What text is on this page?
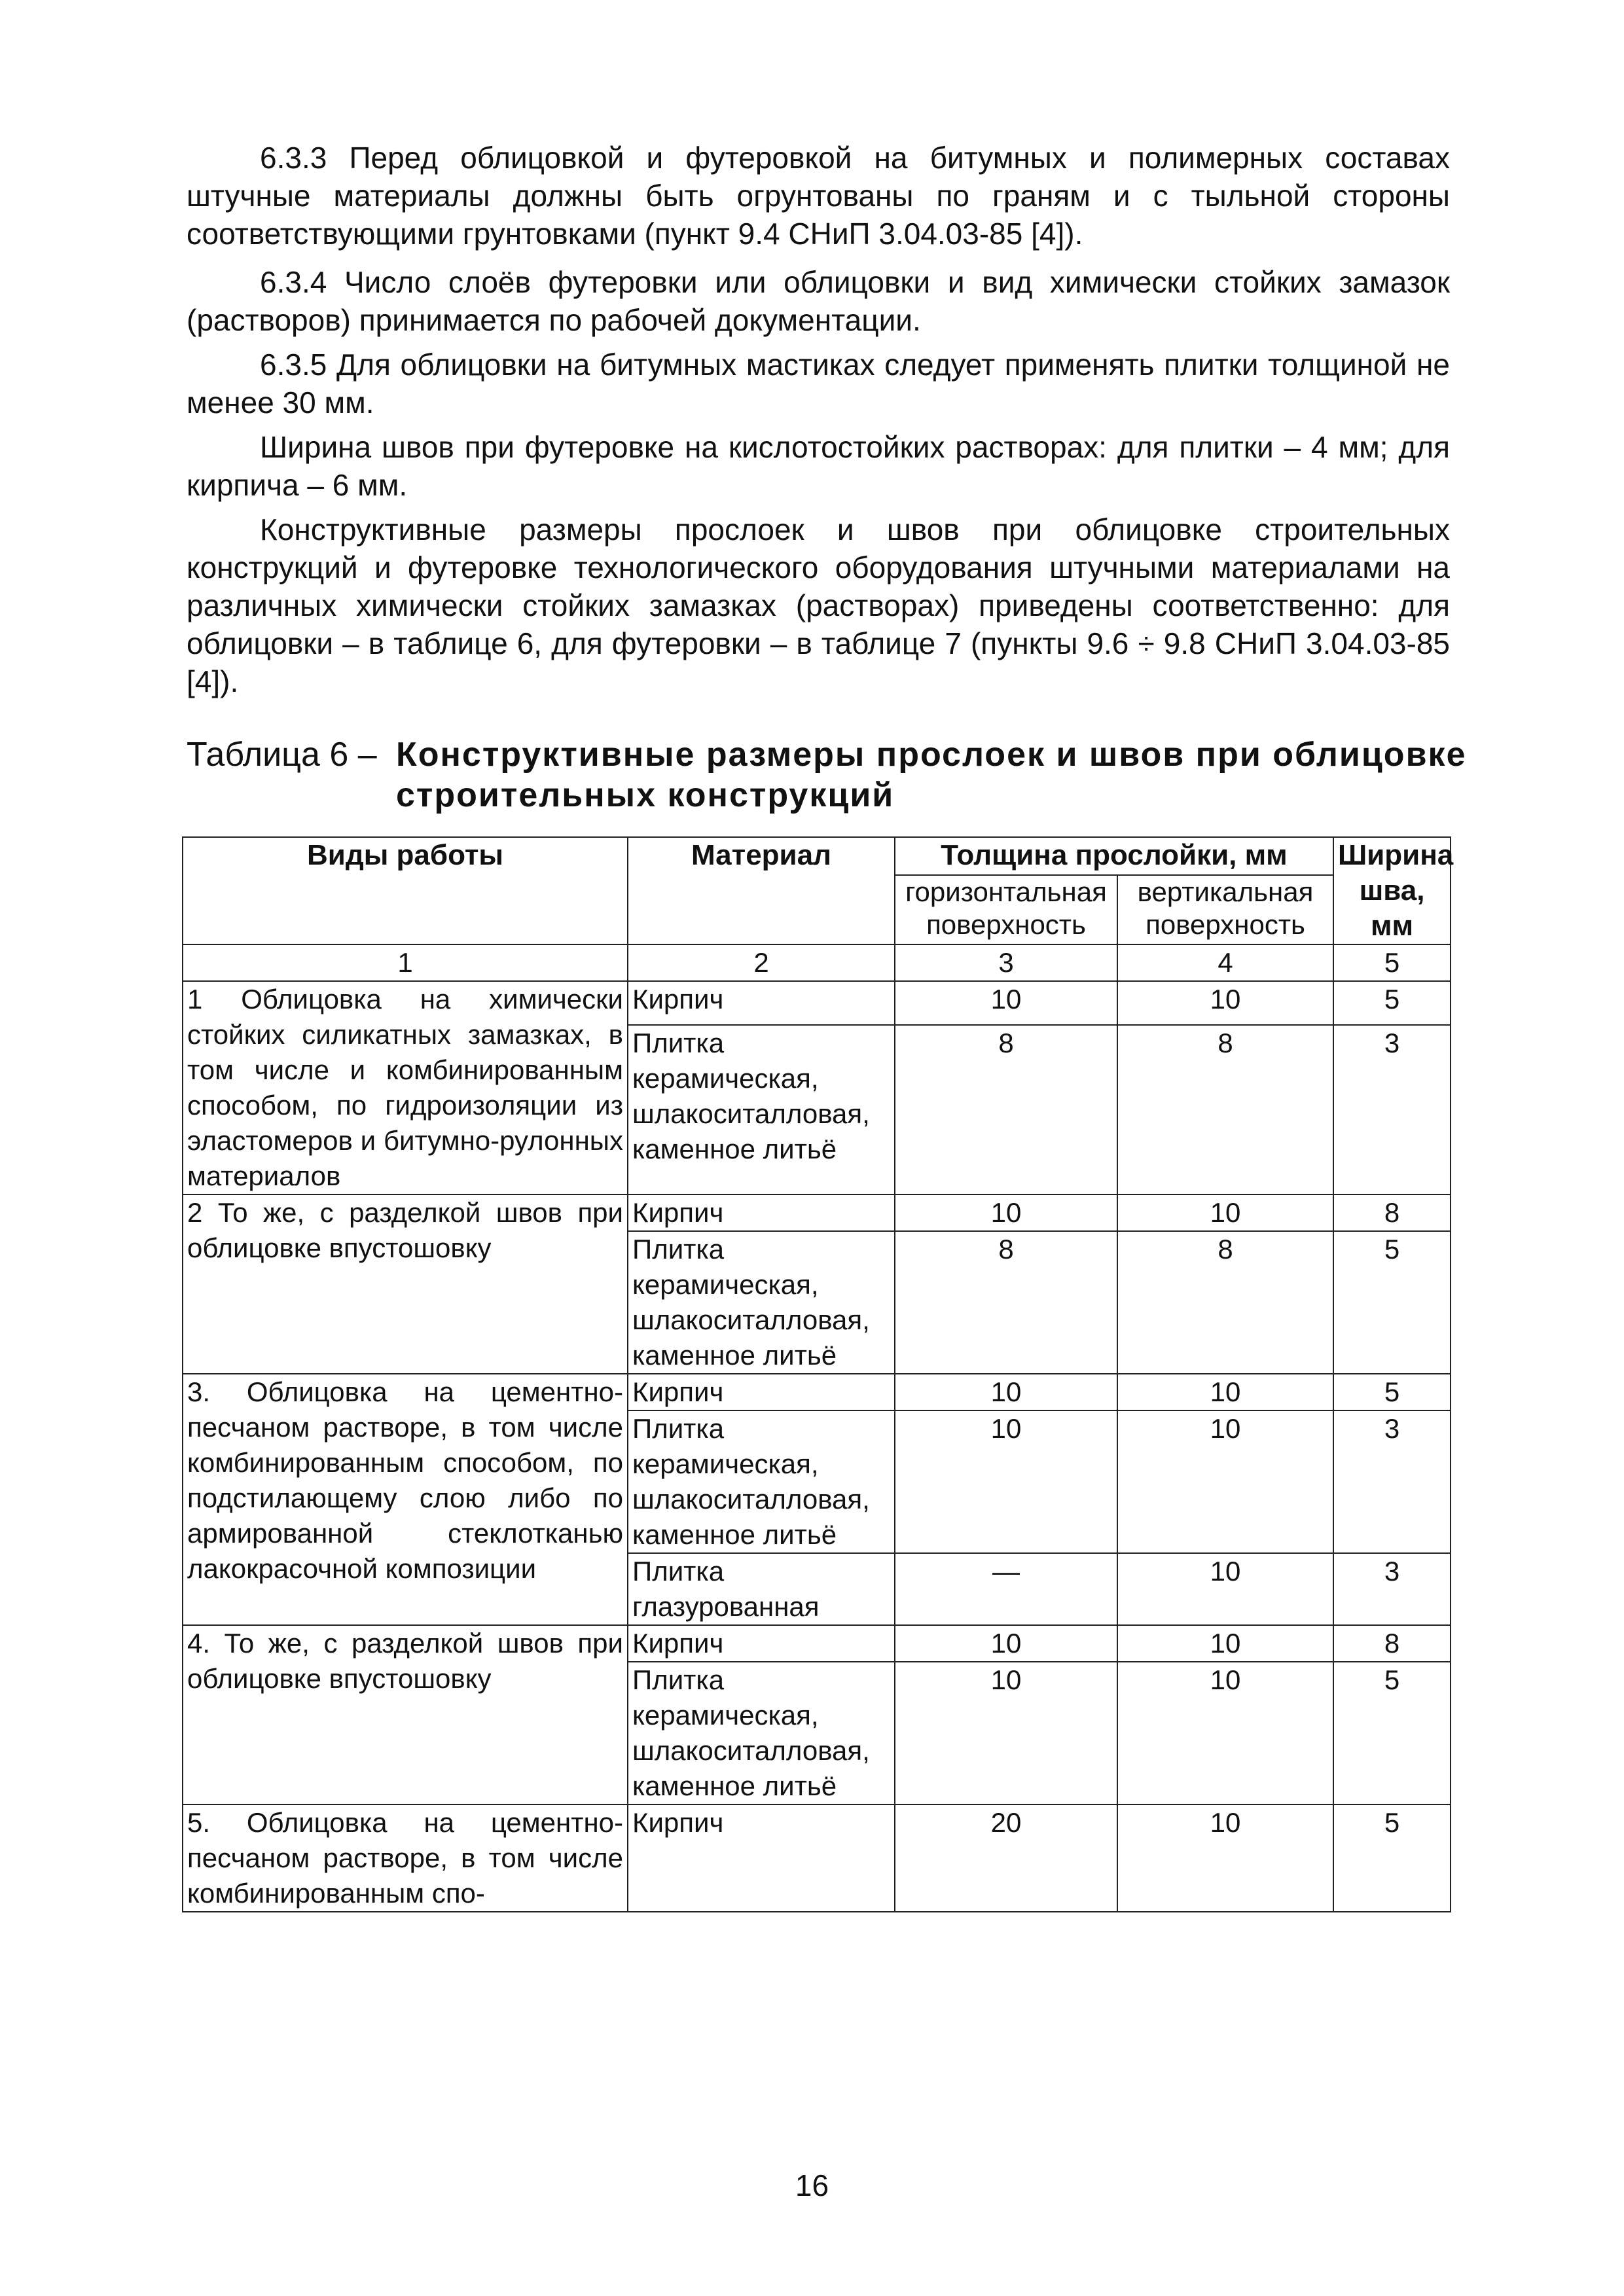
6.3.3 Перед облицовкой и футеровкой на битумных и полимерных составах штучные материалы должны быть огрунтованы по граням и с тыльной стороны соответствующими грунтовками (пункт 9.4 СНиП 3.04.03-85 [4]).
6.3.4 Число слоёв футеровки или облицовки и вид химически стойких замазок (растворов) принимается по рабочей документации.
6.3.5 Для облицовки на битумных мастиках следует применять плитки толщиной не менее 30 мм.
Ширина швов при футеровке на кислотостойких растворах: для плитки – 4 мм; для кирпича – 6 мм.
Конструктивные размеры прослоек и швов при облицовке строительных конструкций и футеровке технологического оборудования штучными материалами на различных химически стойких замазках (растворах) приведены соответственно: для облицовки – в таблице 6, для футеровки – в таблице 7 (пункты 9.6 ÷ 9.8 СНиП 3.04.03-85 [4]).
Таблица 6 – Конструктивные размеры прослоек и швов при облицовке
строительных конструкций
Виды работы	Материал	Толщина прослойки, мм		Ширина шва, мм
		горизонтальная поверхность	вертикальная поверхность	
1	2	3	4	5
1 Облицовка на химически стойких силикатных замазках, в том числе и комбинированным способом, по гидроизоляции из эластомеров и битумно-рулонных материалов	Кирпич	10	10	5
	Плитка керамическая, шлакоситалловая, каменное литьё	8	8	3
2 То же, с разделкой швов при облицовке впустошовку	Кирпич	10	10	8
	Плитка керамическая, шлакоситалловая, каменное литьё	8	8	5
3. Облицовка на цементно-песчаном растворе, в том числе комбинированным способом, по подстилающему слою либо по армированной стеклотканью лакокрасочной композиции	Кирпич	10	10	5
	Плитка керамическая, шлакоситалловая, каменное литьё	10	10	3
	Плитка глазурованная	—	10	3
4. То же, с разделкой швов при облицовке впустошовку	Кирпич	10	10	8
	Плитка керамическая, шлакоситалловая, каменное литьё	10	10	5
5. Облицовка на цементно-песчаном растворе, в том числе комбинированным спо-	Кирпич	20	10	5
16
